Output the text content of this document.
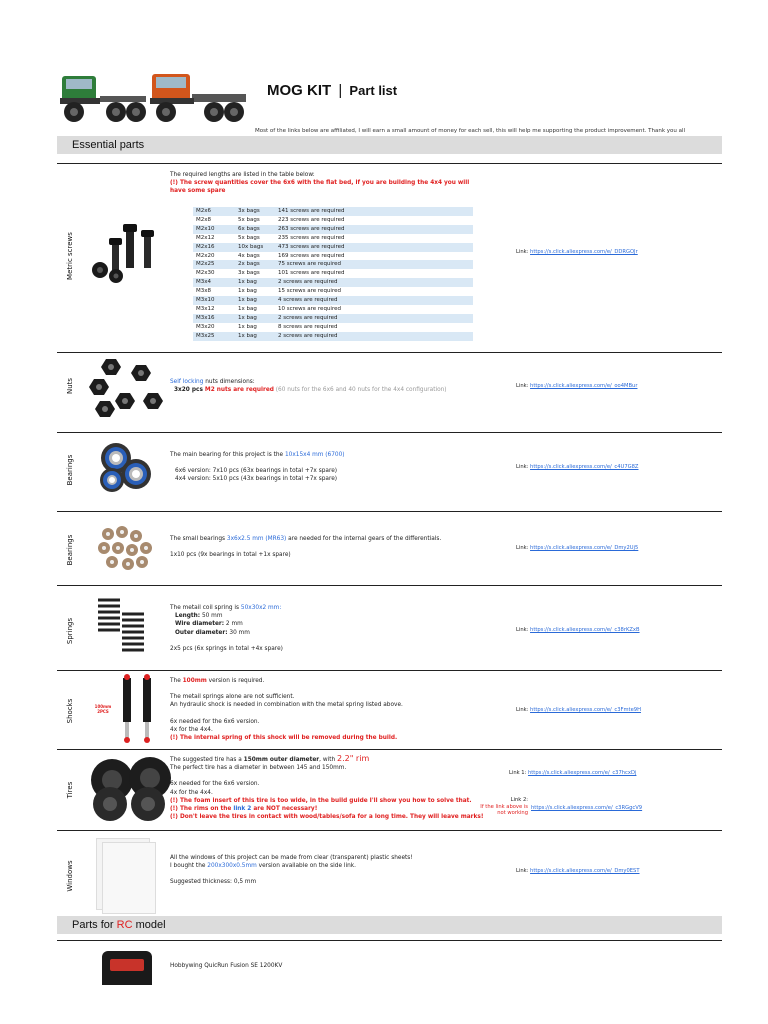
MOG KIT | Part list
Most of the links below are affiliated, I will earn a small amount of money for each sell, this will help me supporting the product improvement. Thank you all
Essential parts
Metric screws
The required lengths are listed in the table below:
(!) The screw quantities cover the 6x6 with the flat bed, if you are building the 4x4 you will have some spare
M2x6	3x bags	141 screws are required
M2x8	5x bags	223 screws are required
M2x10	6x bags	263 screws are required
M2x12	5x bags	235 screws are required
M2x16	10x bags	473 screws are required
M2x20	4x bags	169 screws are required
M2x25	2x bags	75 screws are required
M2x30	3x bags	101 screws are required
M3x4	1x bag	2 screws are required
M3x8	1x bag	15 screws are required
M3x10	1x bag	4 screws are required
M3x12	1x bag	10 screws are required
M3x16	1x bag	2 screws are required
M3x20	1x bag	8 screws are required
M3x25	1x bag	2 screws are required
Link: https://s.click.aliexpress.com/e/_DDRGOJr
Nuts	Self locking nuts dimensions:
3x20 pcs M2 nuts are required (60 nuts for the 6x6 and 40 nuts for the 4x4 configuration)
Link: https://s.click.aliexpress.com/e/_oo4MBur
Bearings	The main bearing for this project is the 10x15x4 mm (6700)
6x6 version: 7x10 pcs (63x bearings in total +7x spare)
4x4 version: 5x10 pcs (43x bearings in total +7x spare)
Link: https://s.click.aliexpress.com/e/_c4U7G8Z
Bearings	The small bearings 3x6x2.5 mm (MR63) are needed for the internal gears of the differentials.
1x10 pcs (9x bearings in total +1x spare)
Link: https://s.click.aliexpress.com/e/_Dmy2Uj5
Springs
The metail coil spring is 50x30x2 mm:
Length: 50 mm
Wire diameter: 2 mm
Outer diameter: 30 mm
2x5 pcs (6x springs in total +4x spare)
Link: https://s.click.aliexpress.com/e/_c38rKZxB
Shocks	100mm
2PCS
The 100mm version is required.
The metail springs alone are not sufficient.
An hydraulic shock is needed in combination with the metal spring listed above.
6x needed for the 6x6 version.
4x for the 4x4.
(!) The internal spring of this shock will be removed during the build.
Link: https://s.click.aliexpress.com/e/_c3Fmte9H
Tires
The suggested tire has a 150mm outer diameter, with 2.2" rim
The perfect tire has a diameter in between 145 and 150mm.
6x needed for the 6x6 version.
4x for the 4x4.
(!) The foam insert of this tire is too wide, in the build guide I'll show you how to solve that.
(!) The rims on the link 2 are NOT necessary!
(!) Don't leave the tires in contact with wood/tables/sofa for a long time. They will leave marks!
Link 1: https://s.click.aliexpress.com/e/_c37hcxDj
Link 2:
If the link above is
not working
https://s.click.aliexpress.com/e/_c3RGgcV9
Windows
All the windows of this project can be made from clear (transparent) plastic sheets!
I bought the 200x300x0.5mm version available on the side link.
Suggested thickness: 0,5 mm
Link: https://s.click.aliexpress.com/e/_Dmy0EST
Parts for RC model
Hobbywing QuicRun Fusion SE 1200KV
